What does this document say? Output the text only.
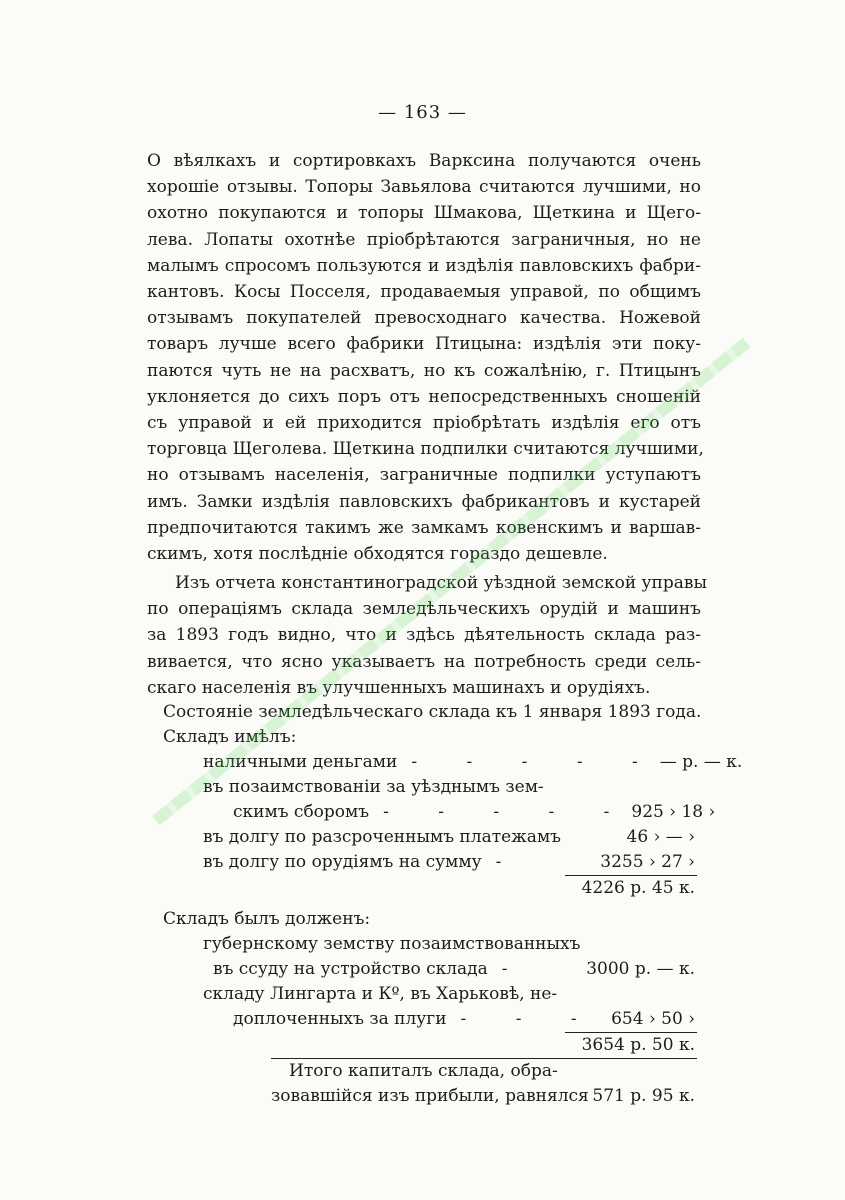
— 163 —
О вѣялкахъ и сортировкахъ Варксина получаются очень
хорошіе отзывы. Топоры Завьялова считаются лучшими, но
охотно покупаются и топоры Шмакова, Щеткина и Щего-
лева. Лопаты охотнѣе пріобрѣтаются заграничныя, но не
малымъ спросомъ пользуются и издѣлія павловскихъ фабри-
кантовъ. Косы Посселя, продаваемыя управой, по общимъ
отзывамъ покупателей превосходнаго качества. Ножевой
товаръ лучше всего фабрики Птицына: издѣлія эти поку-
паются чуть не на расхватъ, но къ сожалѣнію, г. Птицынъ
уклоняется до сихъ поръ отъ непосредственныхъ сношеній
съ управой и ей приходится пріобрѣтать издѣлія его отъ
торговца Щеголева. Щеткина подпилки считаются лучшими,
но отзывамъ населенія, заграничные подпилки уступаютъ
имъ. Замки издѣлія павловскихъ фабрикантовъ и кустарей
предпочитаются такимъ же замкамъ ковенскимъ и варшав-
скимъ, хотя послѣдніе обходятся гораздо дешевле.
Изъ отчета константиноградской уѣздной земской управы
по операціямъ склада земледѣльческихъ орудій и машинъ
за 1893 годъ видно, что и здѣсь дѣятельность склада раз-
вивается, что ясно указываетъ на потребность среди сель-
скаго населенія въ улучшенныхъ машинахъ и орудіяхъ.
Состояніе земледѣльческаго склада къ 1 января 1893 года.
Складъ имѣлъ:
наличными деньгами - - - - - — р. — к.
въ позаимствованіи за уѣзднымъ зем-
скимъ сборомъ - - - - - 925 › 18 ›
въ долгу по разсроченнымъ платежамъ	46 › — ›
въ долгу по орудіямъ на сумму -	3255 › 27 ›
4226 р. 45 к.
Складъ былъ долженъ:
губернскому земству позаимствованныхъ
въ ссуду на устройство склада -	3000 р. — к.
складу Лингарта и Кº, въ Харьковѣ, не-
доплоченныхъ за плуги - - - 654 › 50 ›
3654 р. 50 к.
Итого капиталъ склада, обра-
зовавшійся изъ прибыли, равнялся 571 р. 95 к.
